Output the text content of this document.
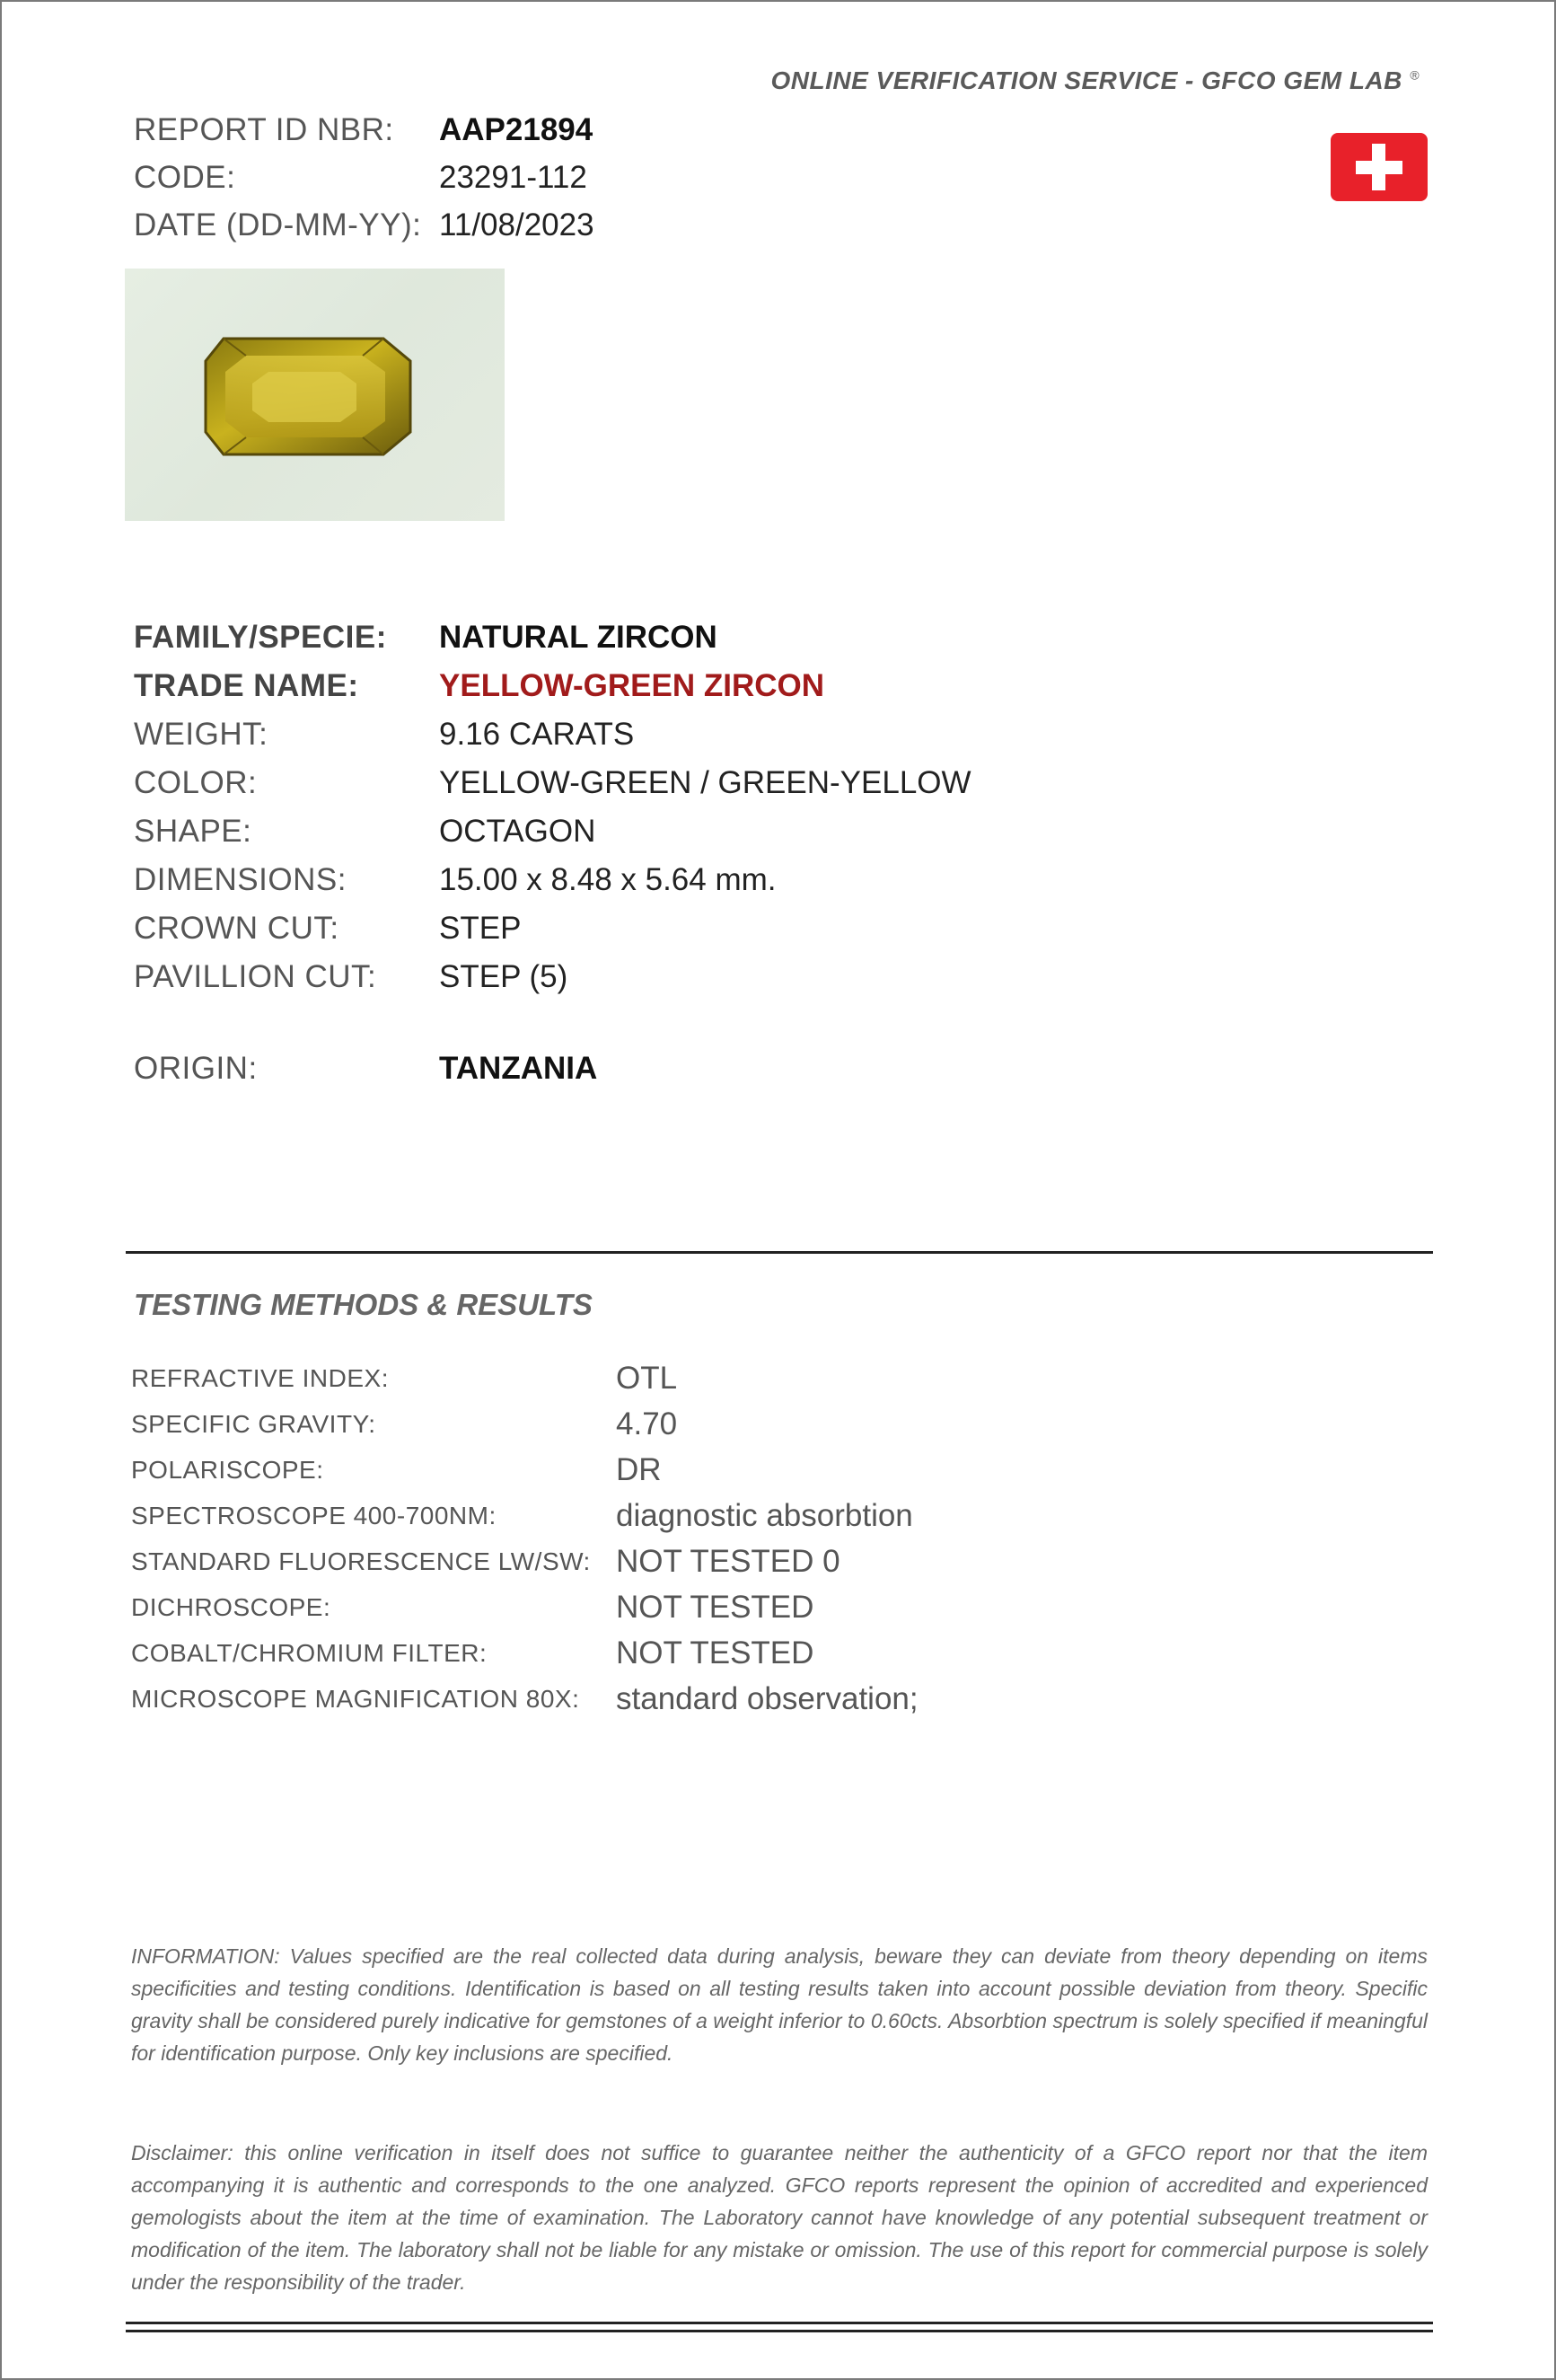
ONLINE VERIFICATION SERVICE - GFCO GEM LAB ®
REPORT ID NBR:	AAP21894
CODE:	23291-112
DATE (DD-MM-YY): 11/08/2023
FAMILY/SPECIE:	NATURAL ZIRCON
TRADE NAME:	YELLOW-GREEN ZIRCON
WEIGHT:	9.16 CARATS
COLOR:	YELLOW-GREEN / GREEN-YELLOW
SHAPE:	OCTAGON
DIMENSIONS:	15.00 x 8.48 x 5.64 mm.
CROWN CUT:	STEP
PAVILLION CUT:	STEP (5)
ORIGIN:	TANZANIA
TESTING METHODS & RESULTS
REFRACTIVE INDEX:	OTL
SPECIFIC GRAVITY:	4.70
POLARISCOPE:	DR
SPECTROSCOPE 400-700NM:	diagnostic absorbtion
STANDARD FLUORESCENCE LW/SW: NOT TESTED 0
DICHROSCOPE:	NOT TESTED
COBALT/CHROMIUM FILTER:	NOT TESTED
MICROSCOPE MAGNIFICATION 80X:	standard observation;
INFORMATION: Values specified are the real collected data during analysis, beware they can deviate from theory depending on items specificities and testing conditions. Identification is based on all testing results taken into account possible deviation from theory. Specific gravity shall be considered purely indicative for gemstones of a weight inferior to 0.60cts. Absorbtion spectrum is solely specified if meaningful for identification purpose. Only key inclusions are specified.
Disclaimer: this online verification in itself does not suffice to guarantee neither the authenticity of a GFCO report nor that the item accompanying it is authentic and corresponds to the one analyzed. GFCO reports represent the opinion of accredited and experienced gemologists about the item at the time of examination. The Laboratory cannot have knowledge of any potential subsequent treatment or modification of the item. The laboratory shall not be liable for any mistake or omission. The use of this report for commercial purpose is solely under the responsibility of the trader.
